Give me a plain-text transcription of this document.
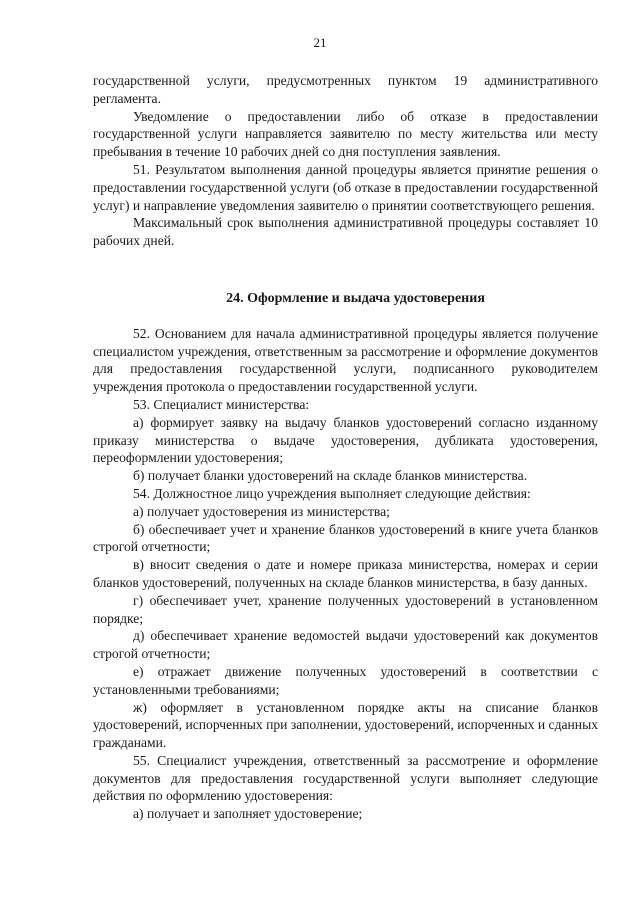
21

государственной услуги, предусмотренных пунктом 19 административного регламента.

Уведомление о предоставлении либо об отказе в предоставлении государственной услуги направляется заявителю по месту жительства или месту пребывания в течение 10 рабочих дней со дня поступления заявления.

51. Результатом выполнения данной процедуры является принятие решения о предоставлении государственной услуги (об отказе в предоставлении государственной услуг) и направление уведомления заявителю о принятии соответствующего решения.

Максимальный срок выполнения административной процедуры составляет 10 рабочих дней.

24. Оформление и выдача удостоверения

52. Основанием для начала административной процедуры является получение специалистом учреждения, ответственным за рассмотрение и оформление документов для предоставления государственной услуги, подписанного руководителем учреждения протокола о предоставлении государственной услуги.

53. Специалист министерства:

а) формирует заявку на выдачу бланков удостоверений согласно изданному приказу министерства о выдаче удостоверения, дубликата удостоверения, переоформлении удостоверения;

б) получает бланки удостоверений на складе бланков министерства.

54. Должностное лицо учреждения выполняет следующие действия:

а) получает удостоверения из министерства;

б) обеспечивает учет и хранение бланков удостоверений в книге учета бланков строгой отчетности;

в) вносит сведения о дате и номере приказа министерства, номерах и серии бланков удостоверений, полученных на складе бланков министерства, в базу данных.

г) обеспечивает учет, хранение полученных удостоверений в установленном порядке;

д) обеспечивает хранение ведомостей выдачи удостоверений как документов строгой отчетности;

е) отражает движение полученных удостоверений в соответствии с установленными требованиями;

ж) оформляет в установленном порядке акты на списание бланков удостоверений, испорченных при заполнении, удостоверений, испорченных и сданных гражданами.

55. Специалист учреждения, ответственный за рассмотрение и оформление документов для предоставления государственной услуги выполняет следующие действия по оформлению удостоверения:

а) получает и заполняет удостоверение;
